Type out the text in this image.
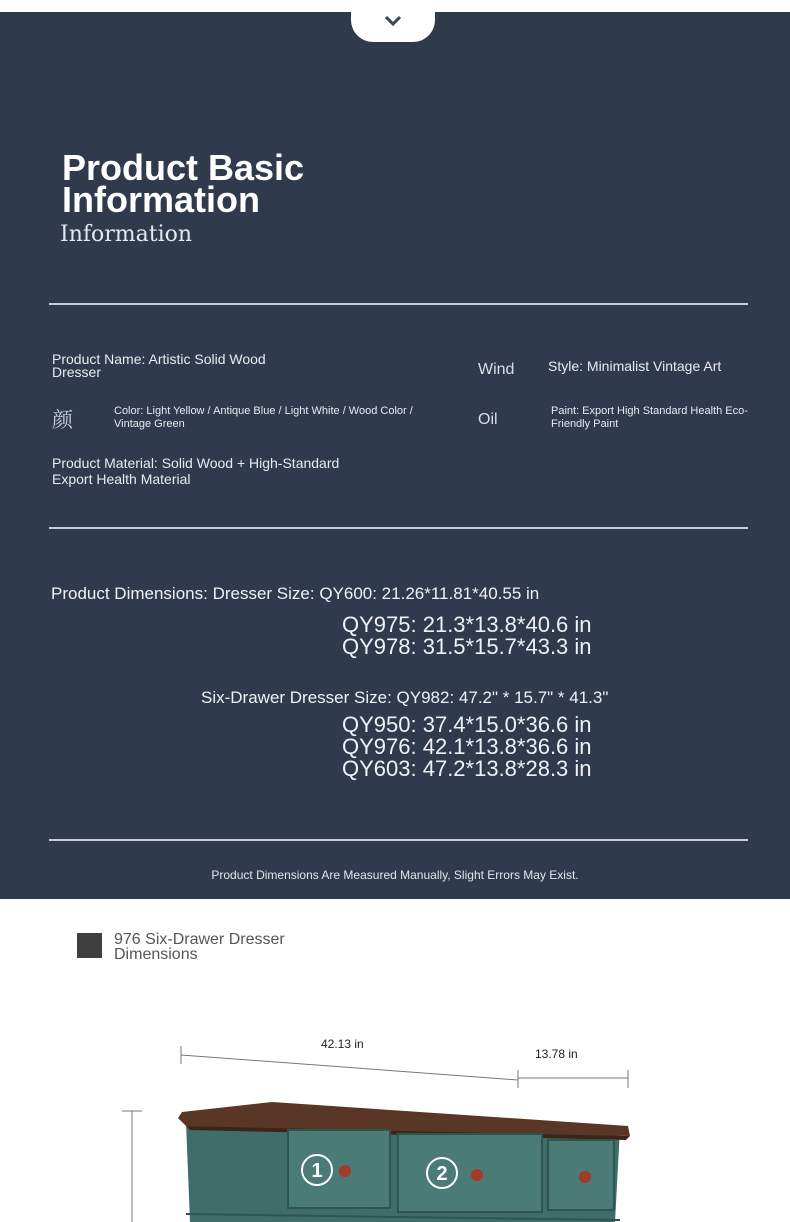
Product Basic Information
Information
Product Name: Artistic Solid Wood Dresser	Wind Style: Minimalist Vintage Art
颜	Color: Light Yellow / Antique Blue / Light White / Wood Color / Vintage Green	Oil	Paint: Export High Standard Health Eco-Friendly Paint
Product Material: Solid Wood + High-Standard Export Health Material
Product Dimensions: Dresser Size: QY600: 21.26*11.81*40.55 in
QY975: 21.3*13.8*40.6 in QY978: 31.5*15.7*43.3 in
Six-Drawer Dresser Size: QY982: 47.2" * 15.7" * 41.3"
QY950: 37.4*15.0*36.6 in QY976: 42.1*13.8*36.6 in QY603: 47.2*13.8*28.3 in
Product Dimensions Are Measured Manually, Slight Errors May Exist.
976 Six-Drawer Dresser Dimensions
1	2
42.13 in
13.78 in
